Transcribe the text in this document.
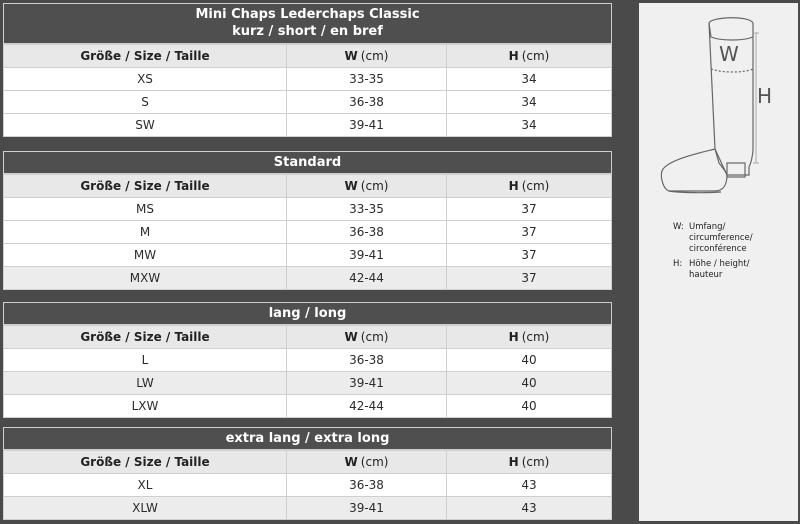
Mini Chaps Lederchaps Classic
kurz / short / en bref
Größe / Size / Taille	W (cm)	H (cm)
XS	33-35	34
S	36-38	34
SW	39-41	34
Standard
Größe / Size / Taille	W (cm)	H (cm)
MS	33-35	37
M	36-38	37
MW	39-41	37
MXW	42-44	37
lang / long
Größe / Size / Taille	W (cm)	H (cm)
L	36-38	40
LW	39-41	40
LXW	42-44	40
extra lang / extra long
Größe / Size / Taille	W (cm)	H (cm)
XL	36-38	43
XLW	39-41	43
W
H
W: Umfang/
circumference/
circonférence
H: Höhe / height/
hauteur
